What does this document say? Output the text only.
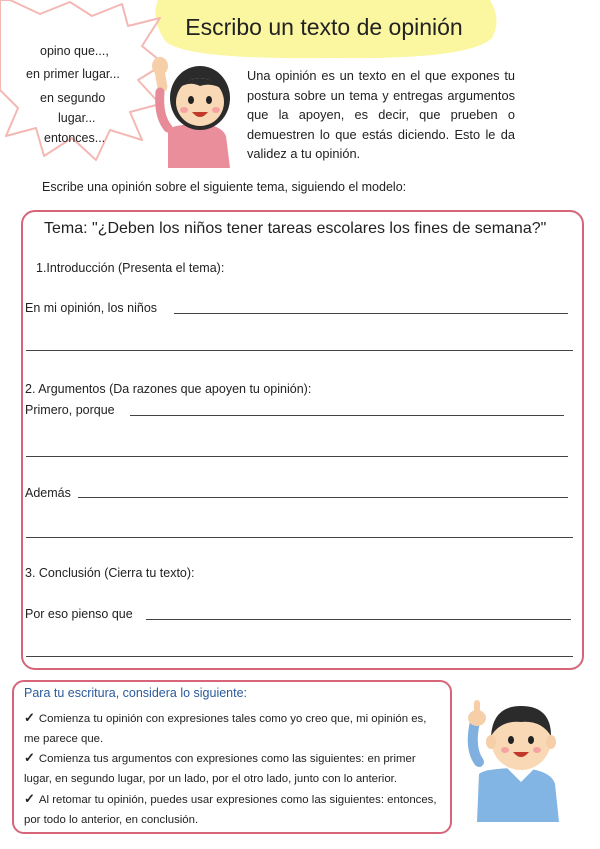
Escribo un texto de opinión
opino que...,
en primer lugar...
en segundo
lugar...
entonces...
Una opinión es un texto en el que expones tu postura sobre un tema y entregas argumentos que la apoyen, es decir, que prueben o demuestren lo que estás diciendo. Esto le da validez a tu opinión.
Escribe una opinión sobre el siguiente tema, siguiendo el modelo:
Tema: "¿Deben los niños tener tareas escolares los fines de semana?"
1.Introducción (Presenta el tema):
En mi opinión, los niños
2. Argumentos (Da razones que apoyen tu opinión):
Primero, porque
Además
3. Conclusión (Cierra tu texto):
Por eso pienso que
Para tu escritura, considera lo siguiente:
✓ Comienza tu opinión con expresiones tales como yo creo que, mi opinión es, me parece que.
✓ Comienza tus argumentos con expresiones como las siguientes: en primer lugar, en segundo lugar, por un lado, por el otro lado, junto con lo anterior.
✓ Al retomar tu opinión, puedes usar expresiones como las siguientes: entonces, por todo lo anterior, en conclusión.
